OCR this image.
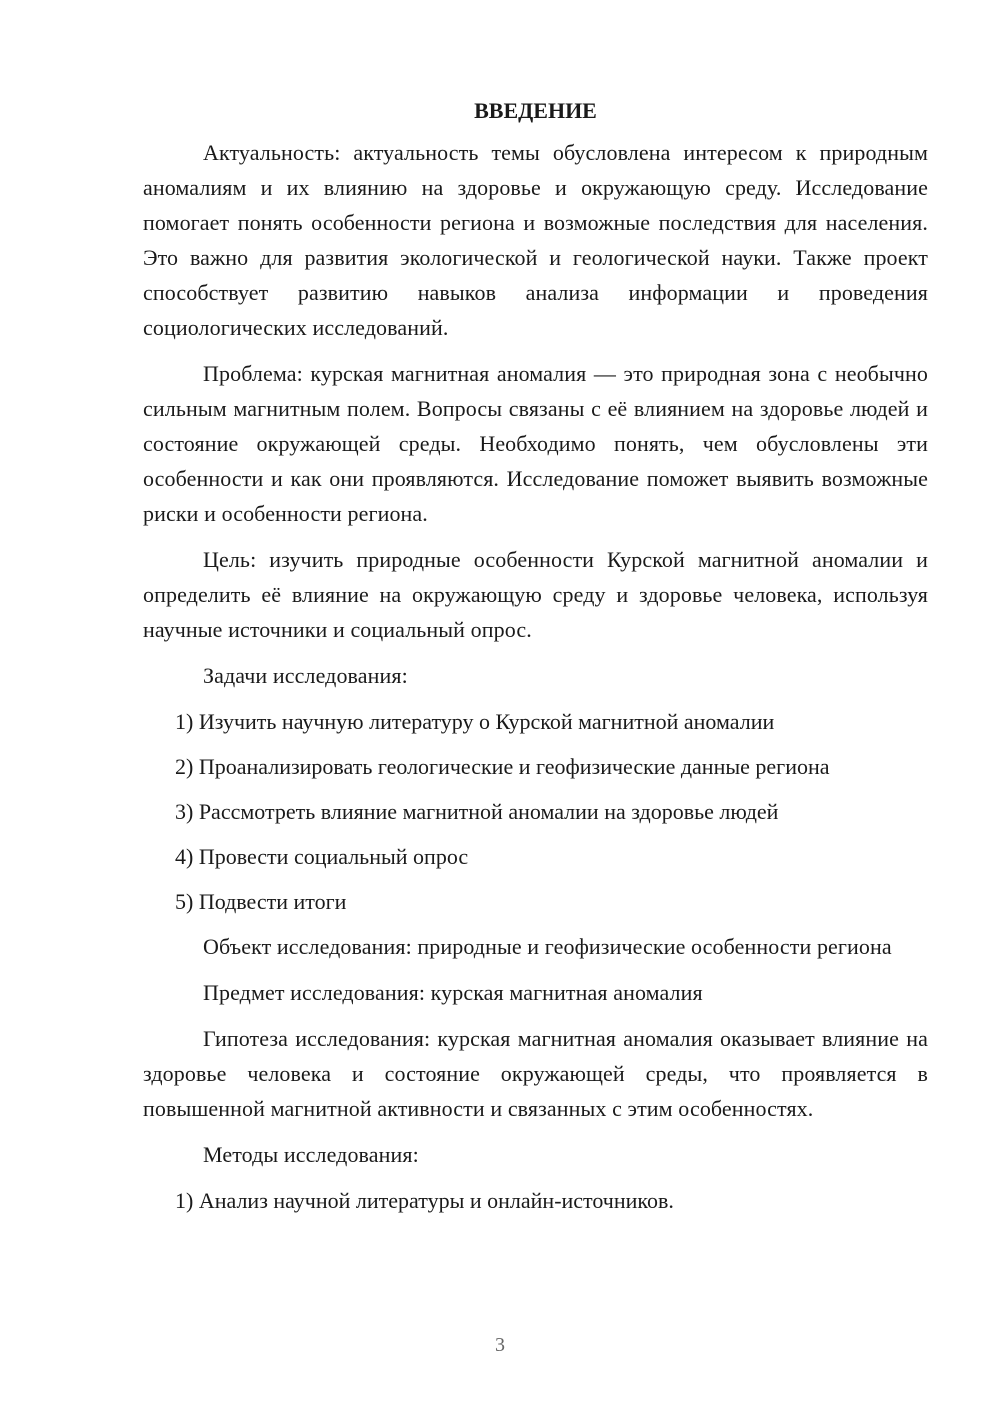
ВВЕДЕНИЕ

Актуальность: актуальность темы обусловлена интересом к природным аномалиям и их влиянию на здоровье и окружающую среду. Исследование помогает понять особенности региона и возможные последствия для населения. Это важно для развития экологической и геологической науки. Также проект способствует развитию навыков анализа информации и проведения социологических исследований.

Проблема: курская магнитная аномалия — это природная зона с необычно сильным магнитным полем. Вопросы связаны с её влиянием на здоровье людей и состояние окружающей среды. Необходимо понять, чем обусловлены эти особенности и как они проявляются. Исследование поможет выявить возможные риски и особенности региона.

Цель: изучить природные особенности Курской магнитной аномалии и определить её влияние на окружающую среду и здоровье человека, используя научные источники и социальный опрос.

Задачи исследования:

1) Изучить научную литературу о Курской магнитной аномалии
2) Проанализировать геологические и геофизические данные региона
3) Рассмотреть влияние магнитной аномалии на здоровье людей
4) Провести социальный опрос
5) Подвести итоги

Объект исследования: природные и геофизические особенности региона

Предмет исследования: курская магнитная аномалия

Гипотеза исследования: курская магнитная аномалия оказывает влияние на здоровье человека и состояние окружающей среды, что проявляется в повышенной магнитной активности и связанных с этим особенностях.

Методы исследования:

1) Анализ научной литературы и онлайн-источников.
3
